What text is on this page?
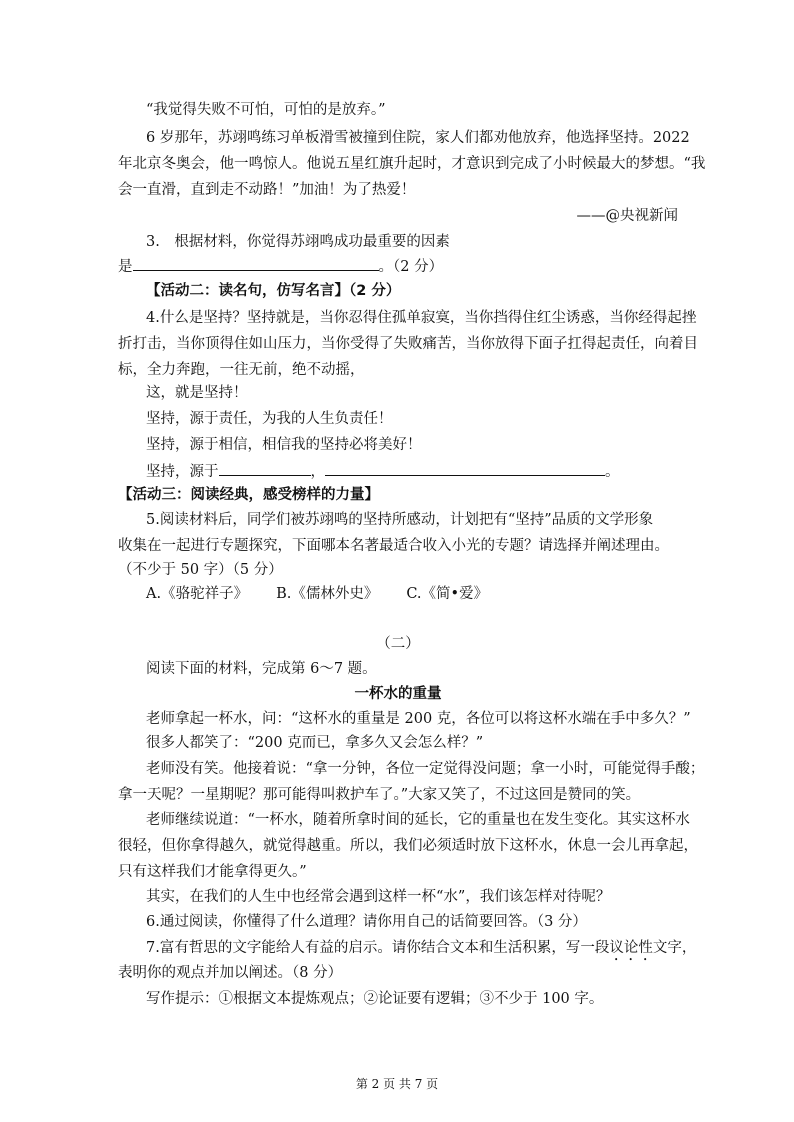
“我觉得失败不可怕，可怕的是放弃。”
6 岁那年，苏翊鸣练习单板滑雪被撞到住院，家人们都劝他放弃，他选择坚持。2022
年北京冬奥会，他一鸣惊人。他说五星红旗升起时，才意识到完成了小时候最大的梦想。“我
会一直滑，直到走不动路！”加油！为了热爱！
——@央视新闻
3.　根据材料，你觉得苏翊鸣成功最重要的因素
是	。（2 分）
【活动二：读名句，仿写名言】（2 分）
4.什么是坚持？坚持就是，当你忍得住孤单寂寞，当你挡得住红尘诱惑，当你经得起挫
折打击，当你顶得住如山压力，当你受得了失败痛苦，当你放得下面子扛得起责任，向着目
标，全力奔跑，一往无前，绝不动摇，
这，就是坚持！
坚持，源于责任，为我的人生负责任！
坚持，源于相信，相信我的坚持必将美好！
坚持，源于	，	。
【活动三：阅读经典，感受榜样的力量】
5.阅读材料后，同学们被苏翊鸣的坚持所感动，计划把有“坚持”品质的文学形象
收集在一起进行专题探究，下面哪本名著最适合收入小光的专题？请选择并阐述理由。
（不少于 50 字）（5 分）
A.《骆驼祥子》 B.《儒林外史》 C.《简•爱》
（二）
阅读下面的材料，完成第 6～7 题。
一杯水的重量
老师拿起一杯水，问：“这杯水的重量是 200 克，各位可以将这杯水端在手中多久？”
很多人都笑了：“200 克而已，拿多久又会怎么样？”
老师没有笑。他接着说：“拿一分钟，各位一定觉得没问题；拿一小时，可能觉得手酸；
拿一天呢？一星期呢？那可能得叫救护车了。”大家又笑了，不过这回是赞同的笑。
老师继续说道：“一杯水，随着所拿时间的延长，它的重量也在发生变化。其实这杯水
很轻，但你拿得越久，就觉得越重。所以，我们必须适时放下这杯水，休息一会儿再拿起，
只有这样我们才能拿得更久。”
其实，在我们的人生中也经常会遇到这样一杯“水”，我们该怎样对待呢？
6.通过阅读，你懂得了什么道理？请你用自己的话简要回答。（3 分）
7.富有哲思的文字能给人有益的启示。请你结合文本和生活积累，写一段议论性文字，
表明你的观点并加以阐述。（8 分）
写作提示：①根据文本提炼观点；②论证要有逻辑；③不少于 100 字。
第 2 页 共 7 页
